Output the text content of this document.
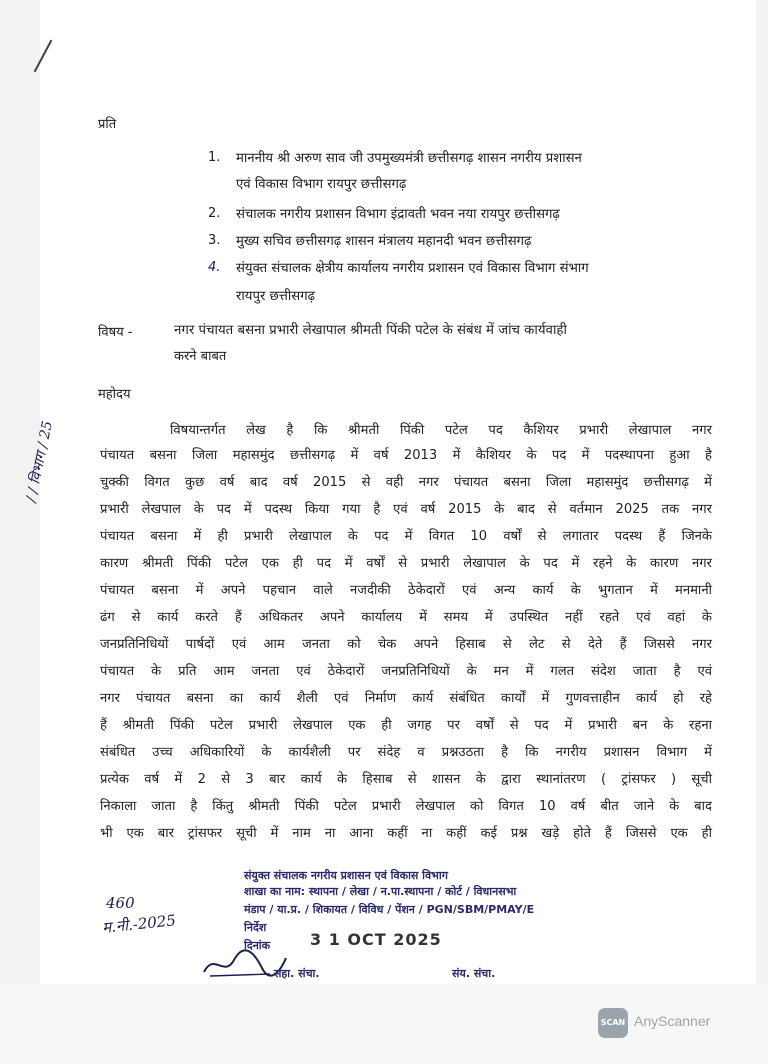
प्रति
1. माननीय श्री अरुण साव जी उपमुख्यमंत्री छत्तीसगढ़ शासन नगरीय प्रशासन
एवं विकास विभाग रायपुर छत्तीसगढ़
2. संचालक नगरीय प्रशासन विभाग इंद्रावती भवन नया रायपुर छत्तीसगढ़
3. मुख्य सचिव छत्तीसगढ़ शासन मंत्रालय महानदी भवन छत्तीसगढ़
4. संयुक्त संचालक क्षेत्रीय कार्यालय नगरीय प्रशासन एवं विकास विभाग संभाग
रायपुर छत्तीसगढ़
विषय -	नगर पंचायत बसना प्रभारी लेखापाल श्रीमती पिंकी पटेल के संबंध में जांच कार्यवाही
करने बाबत
महोदय
विषयान्तर्गत लेख है कि श्रीमती पिंकी पटेल पद कैशियर प्रभारी लेखापाल नगर
पंचायत बसना जिला महासमुंद छत्तीसगढ़ में वर्ष 2013 में कैशियर के पद में पदस्थापना हुआ है
चुक्की विगत कुछ वर्ष बाद वर्ष 2015 से वही नगर पंचायत बसना जिला महासमुंद छत्तीसगढ़ में
प्रभारी लेखपाल के पद में पदस्थ किया गया है एवं वर्ष 2015 के बाद से वर्तमान 2025 तक नगर
पंचायत बसना में ही प्रभारी लेखापाल के पद में विगत 10 वर्षों से लगातार पदस्थ हैं जिनके
कारण श्रीमती पिंकी पटेल एक ही पद में वर्षों से प्रभारी लेखापाल के पद में रहने के कारण नगर
पंचायत बसना में अपने पहचान वाले नजदीकी ठेकेदारों एवं अन्य कार्य के भुगतान में मनमानी
ढंग से कार्य करते हैं अधिकतर अपने कार्यालय में समय में उपस्थित नहीं रहते एवं वहां के
जनप्रतिनिधियों पार्षदों एवं आम जनता को चेक अपने हिसाब से लेट से देते हैं जिससे नगर
पंचायत के प्रति आम जनता एवं ठेकेदारों जनप्रतिनिधियों के मन में गलत संदेश जाता है एवं
नगर पंचायत बसना का कार्य शैली एवं निर्माण कार्य संबंधित कार्यों में गुणवत्ताहीन कार्य हो रहे
हैं श्रीमती पिंकी पटेल प्रभारी लेखपाल एक ही जगह पर वर्षों से पद में प्रभारी बन के रहना
संबंधित उच्च अधिकारियों के कार्यशैली पर संदेह व प्रश्नउठता है कि नगरीय प्रशासन विभाग में
प्रत्येक वर्ष में 2 से 3 बार कार्य के हिसाब से शासन के द्वारा स्थानांतरण ( ट्रांसफर ) सूची
निकाला जाता है किंतु श्रीमती पिंकी पटेल प्रभारी लेखपाल को विगत 10 वर्ष बीत जाने के बाद
भी एक बार ट्रांसफर सूची में नाम ना आना कहीं ना कहीं कई प्रश्न खड़े होते हैं जिससे एक ही
/ / विभाग / 25
460
म.नी.-2025
संयुक्त संचालक नगरीय प्रशासन एवं विकास विभाग
शाखा का नाम: स्थापना / लेखा / न.पा.स्थापना / कोर्ट / विधानसभा
मंडाप / या.प्र. / शिकायत / विविध / पेंशन / PGN/SBM/PMAY/E
निर्देश
दिनांक 3 1 OCT 2025
सहा. संचा.	संय. संचा.
SCAN AnyScanner
